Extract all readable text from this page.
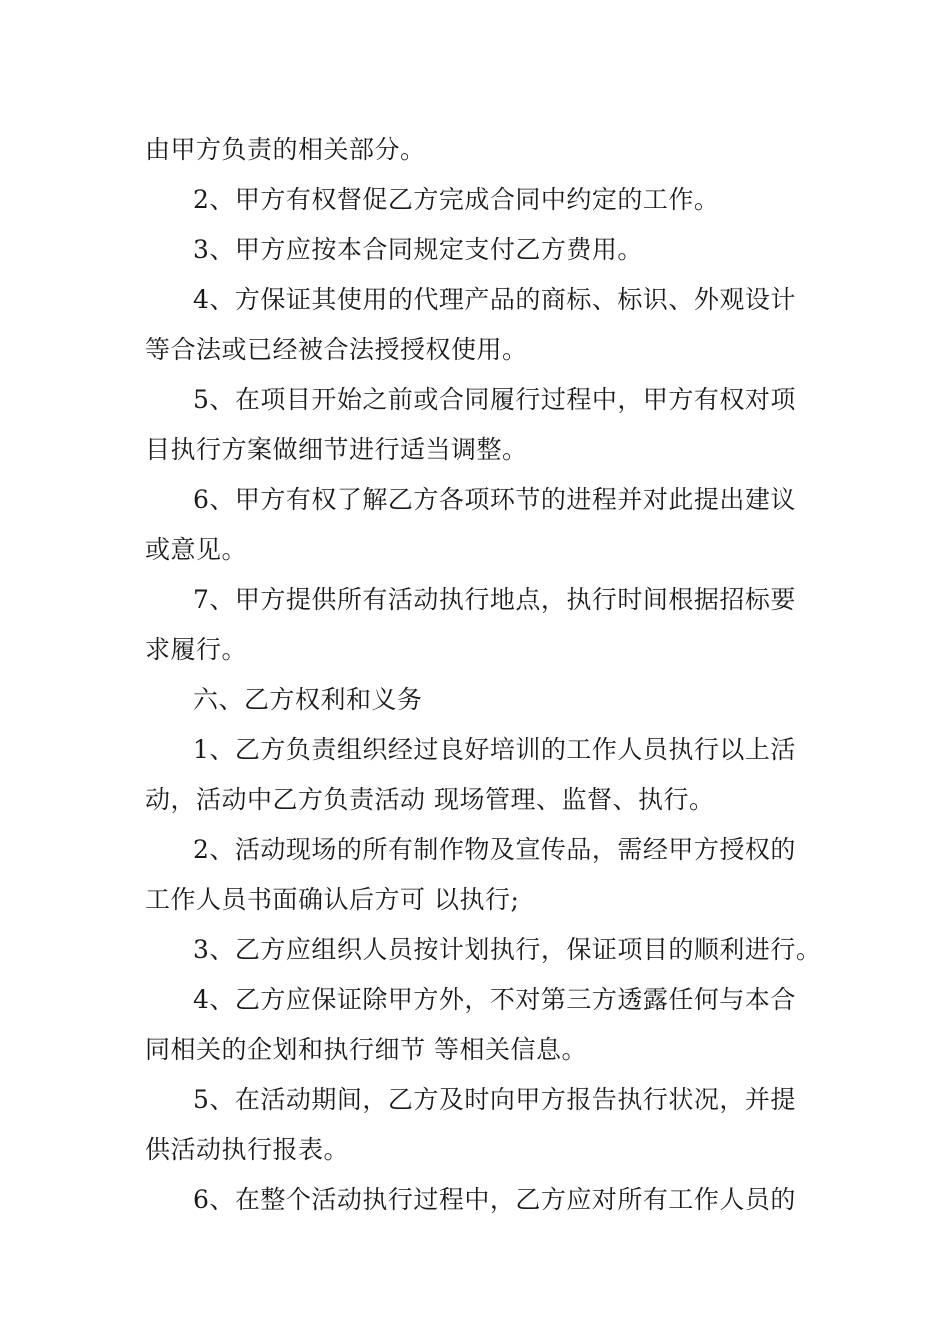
由甲方负责的相关部分。
2、甲方有权督促乙方完成合同中约定的工作。
3、甲方应按本合同规定支付乙方费用。
4、方保证其使用的代理产品的商标、标识、外观设计
等合法或已经被合法授授权使用。
5、在项目开始之前或合同履行过程中，甲方有权对项
目执行方案做细节进行适当调整。
6、甲方有权了解乙方各项环节的进程并对此提出建议
或意见。
7、甲方提供所有活动执行地点，执行时间根据招标要
求履行。
六、乙方权利和义务
1、乙方负责组织经过良好培训的工作人员执行以上活
动，活动中乙方负责活动 现场管理、监督、执行。
2、活动现场的所有制作物及宣传品，需经甲方授权的
工作人员书面确认后方可 以执行;
3、乙方应组织人员按计划执行，保证项目的顺利进行。
4、乙方应保证除甲方外，不对第三方透露任何与本合
同相关的企划和执行细节 等相关信息。
5、在活动期间，乙方及时向甲方报告执行状况，并提
供活动执行报表。
6、在整个活动执行过程中，乙方应对所有工作人员的
